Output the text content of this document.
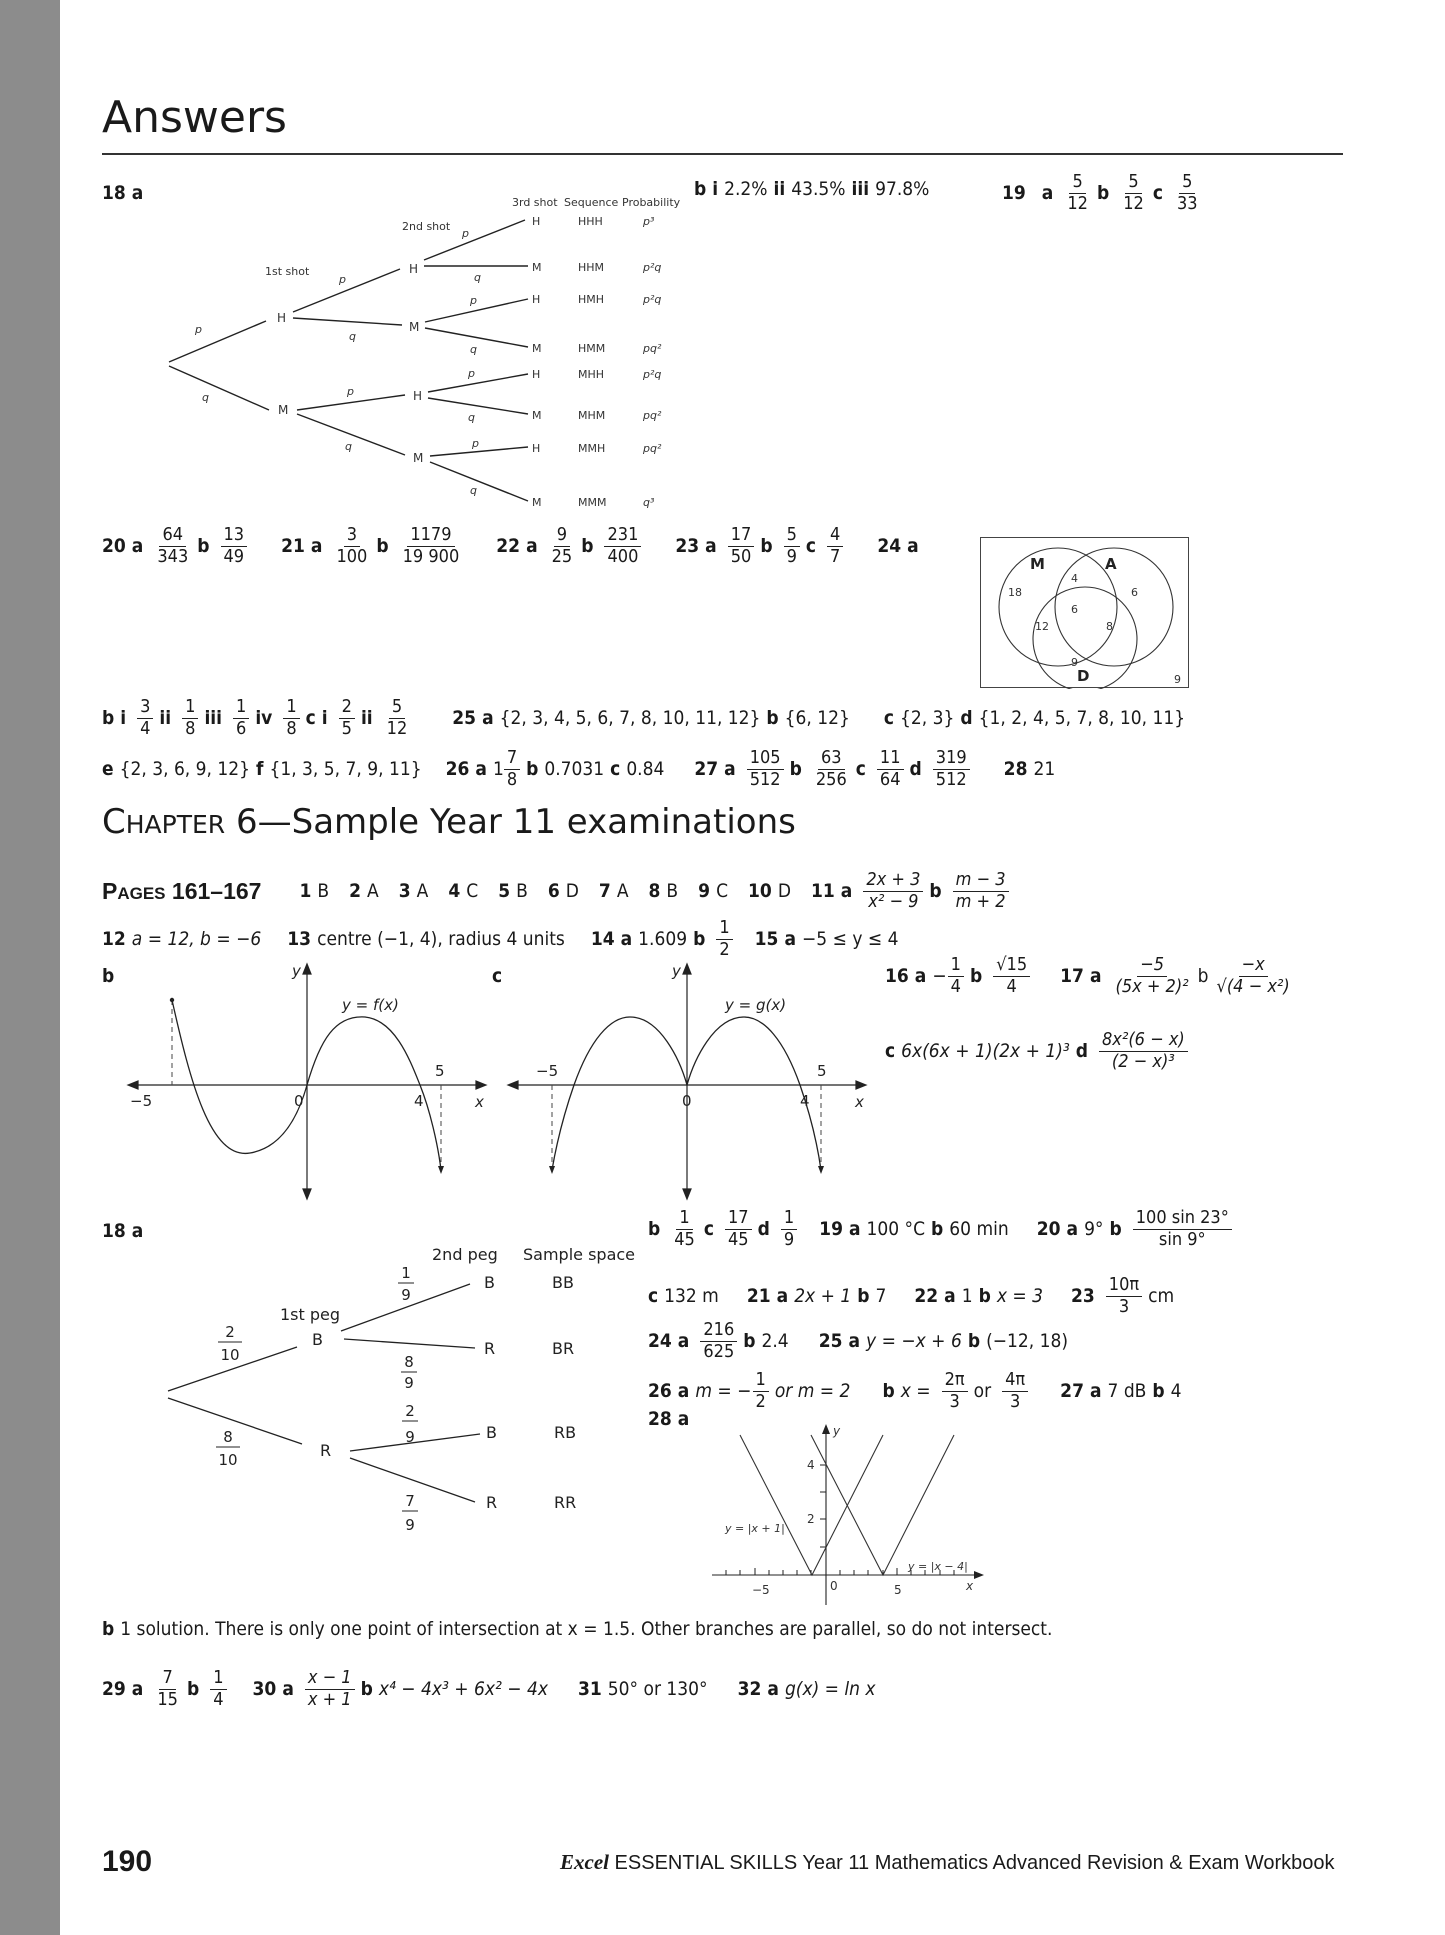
Answers
18 a
1st shot
2nd shot
3rd shot Sequence Probability
p
q
p
q
p
q
p
q
p
q
p
q
p
q
H
M
H
M
H
M
H	HHH	p³
M	HHM	p²q
H	HMH	p²q
M	HMM	pq²
H	MHH	p²q
M	MHM	pq²
H	MMH	pq²
M	MMM	q³
b i 2.2% ii 43.5% iii 97.8%	19 a $\frac{5}{12}$ b $\frac{5}{12}$ c $\frac{5}{33}$
20 a $\frac{64}{343}$ b $\frac{13}{49} 21$ a $\frac{3}{100}$ b $\frac{1179}{19 900} 22$ a $\frac{9}{25}$ b $\frac{231}{400} 23$ a $\frac{17}{50}$ b $\frac{5}{9}$ c $\frac{4}{7} 24$ a
M	A
D
18	6
4
6
12	8
9
9
b i $\frac{3}{4}$ ii $\frac{1}{8}$ iii $\frac{1}{6}$ iv $\frac{1}{8}$ c i $\frac{2}{5}$ ii $\frac{5}{12} 25$ a {2, 3, 4, 5, 6, 7, 8, 10, 11, 12} b {6, 12} c {2, 3} d {1, 2, 4, 5, 7, 8, 10, 11}
e {2, 3, 6, 9, 12} f {1, 3, 5, 7, 9, 11} 26 a $1 \frac{7}{8}$ b 0.7031 c 0.84 27 a $\frac{105}{512}$ b $\frac{63}{256}$ c $\frac{11}{64}$ d $\frac{319}{512} 28$ 21
CHAPTER 6—Sample Year 11 examinations
PAGES 161–167 1 B 2 A 3 A 4 C 5 B 6 D 7 A 8 B 9 C 10 D 11 a $\frac{2x + 3}{\text{x² − 9}}$ b $\frac{m - 3}{m + 2}$
12 a = 12, b = −6 13 centre (−1, 4), radius 4 units 14 a 1.609 b $\frac{1}{2} 15$ a −5 ≤ y ≤ 4
b
−5	0	4
5
x
y
y = f(x)
c
−5
0	4
5
x
y
y = g(x)
16 $a - \frac{1}{4}$ b $\frac{√15}{4} 17$ a $\frac{-5}{\text{(5x + 2)²}}$ b $\frac{-x}{\text{√(4 − x²)}}$
c 6x(6x + 1)(2x + 1)³ d $\frac{\text{8x²(6 − x)}}{\text{(2 − x)³}}$
18 a
1st peg
2nd peg Sample space
B
R
B
R
B
R
BB
BR
RB
RR
2
10
8
10
1
9
8
9
2
9
7
9
b $\frac{1}{45}$ c $\frac{17}{45}$ d $\frac{1}{9} 19$ a 100 °C b 60 min 20 a 9° b $\frac{100 \sin 23^\circ}{\sin 9^\circ}$
c 132 m 21 a 2x + 1 b 7 22 a 1 b x = 3 $23 \frac{10\pi}{3}$ cm
24 a $\frac{216}{625}$ b 2.4 25 a y = −x + 6 b (−12, 18)
26 a m = − $\frac{1}{2}$ or m = 2 b $x = \frac{2\pi}{3}$ or $\frac{4\pi}{3} 27$ a 7 dB b 4
28 a
−5	0	5
2
4
x
y
y = |x + 1|
y = |x − 4|
b 1 solution. There is only one point of intersection at x = 1.5. Other branches are parallel, so do not intersect.
29 a $\frac{7}{15}$ b $\frac{1}{4} 30$ a $\frac{x - 1}{x + 1}$ b x⁴ − 4x³ + 6x² − 4x 31 50° or 130° 32 a g(x) = ln x
190	Excel ESSENTIAL SKILLS Year 11 Mathematics Advanced Revision & Exam Workbook
